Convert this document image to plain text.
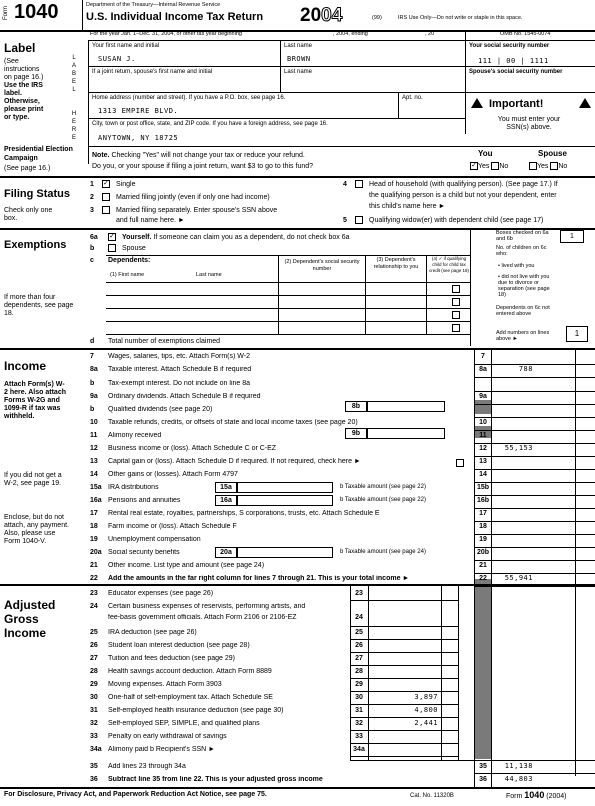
Form 1040	Department of the Treasury—Internal Revenue Service
U.S. Individual Income Tax Return 2004	(99)	IRS Use Only—Do not write or staple in this space.
For the year Jan. 1–Dec. 31, 2004, or other tax year beginning	, 2004, ending	, 20	OMB No. 1545-0074
Label
(See instructions on page 16.)
Use the IRS label. Otherwise, please print or type.
L
A
B
E
L
H
E
R
E
Your first name and initial
SUSAN J.
Last name
BROWN
Your social security number
111 | 00 | 1111
If a joint return, spouse's first name and initial	Last name	Spouse's social security number
Home address (number and street). If you have a P.O. box, see page 16.	Apt. no.
1313 EMPIRE BLVD.
City, town or post office, state, and ZIP code. If you have a foreign address, see page 16.
ANYTOWN, NY 18725
Important!
You must enter your SSN(s) above.
Presidential Election Campaign
(See page 16.)
Note. Checking "Yes" will not change your tax or reduce your refund.
Do you, or your spouse if filing a joint return, want $3 to go to this fund?
You	Spouse
✓Yes No	Yes No
Filing Status
Check only one box.
1 ✓ Single
2	Married filing jointly (even if only one had income)
3	Married filing separately. Enter spouse's SSN above
and full name here. ►
4	Head of household (with qualifying person). (See page 17.) If
the qualifying person is a child but not your dependent, enter
this child's name here ►
5	Qualifying widow(er) with dependent child (see page 17)
Exemptions
If more than four dependents, see page 18.
6a ✓ Yourself. If someone can claim you as a dependent, do not check box 6a
b	Spouse
c Dependents:
(1) First name	Last name
(2) Dependent's social security number
(3) Dependent's relationship to you
(4) ✓ if qualifying child for child tax credit (see page 18)
d Total number of exemptions claimed
Boxes checked on 6a and 6b	1
No. of children on 6c who:
• lived with you
• did not live with you due to divorce or separation (see page 18)
Dependents on 6c not entered above
Add numbers on lines above ►
1
Income
Attach Form(s) W-2 here. Also attach Forms W-2G and 1099-R if tax was withheld.
If you did not get a W-2, see page 19.
Enclose, but do not attach, any payment. Also, please use Form 1040-V.
7	Wages, salaries, tips, etc. Attach Form(s) W-2	7
8a	Taxable interest. Attach Schedule B if required	8a	788
b	Tax-exempt interest. Do not include on line 8a
9a	Ordinary dividends. Attach Schedule B if required	9a
b	Qualified dividends (see page 20)
10	Taxable refunds, credits, or offsets of state and local income taxes (see page 20)	10
11	Alimony received	11
12	Business income or (loss). Attach Schedule C or C-EZ	12	55,153
13	Capital gain or (loss). Attach Schedule D if required. If not required, check here ►	13
14	Other gains or (losses). Attach Form 4797	14
15a IRA distributions	15b
16a Pensions and annuities	16b
17	Rental real estate, royalties, partnerships, S corporations, trusts, etc. Attach Schedule E	17
18	Farm income or (loss). Attach Schedule F	18
19	Unemployment compensation	19
20a Social security benefits	20b
21	Other income. List type and amount (see page 24)	21
22	Add the amounts in the far right column for lines 7 through 21. This is your total income ►	22	55,941
8b
9b
15a	b Taxable amount (see page 22)
16a	b Taxable amount (see page 22)
20a	b Taxable amount (see page 24)
Adjusted Gross Income
23	Educator expenses (see page 26)	23
24	Certain business expenses of reservists, performing artists, and
fee-basis government officials. Attach Form 2106 or 2106-EZ	24
25	IRA deduction (see page 26)	25
26	Student loan interest deduction (see page 28)	26
27	Tuition and fees deduction (see page 29)	27
28	Health savings account deduction. Attach Form 8889	28
29	Moving expenses. Attach Form 3903	29
30	One-half of self-employment tax. Attach Schedule SE	30	3,897
31	Self-employed health insurance deduction (see page 30)	31	4,800
32	Self-employed SEP, SIMPLE, and qualified plans	32	2,441
33	Penalty on early withdrawal of savings	33
34a Alimony paid b Recipient's SSN ►	34a
35	Add lines 23 through 34a	35	11,138
36	Subtract line 35 from line 22. This is your adjusted gross income	36	44,803
For Disclosure, Privacy Act, and Paperwork Reduction Act Notice, see page 75.	Cat. No. 11320B	Form 1040 (2004)
